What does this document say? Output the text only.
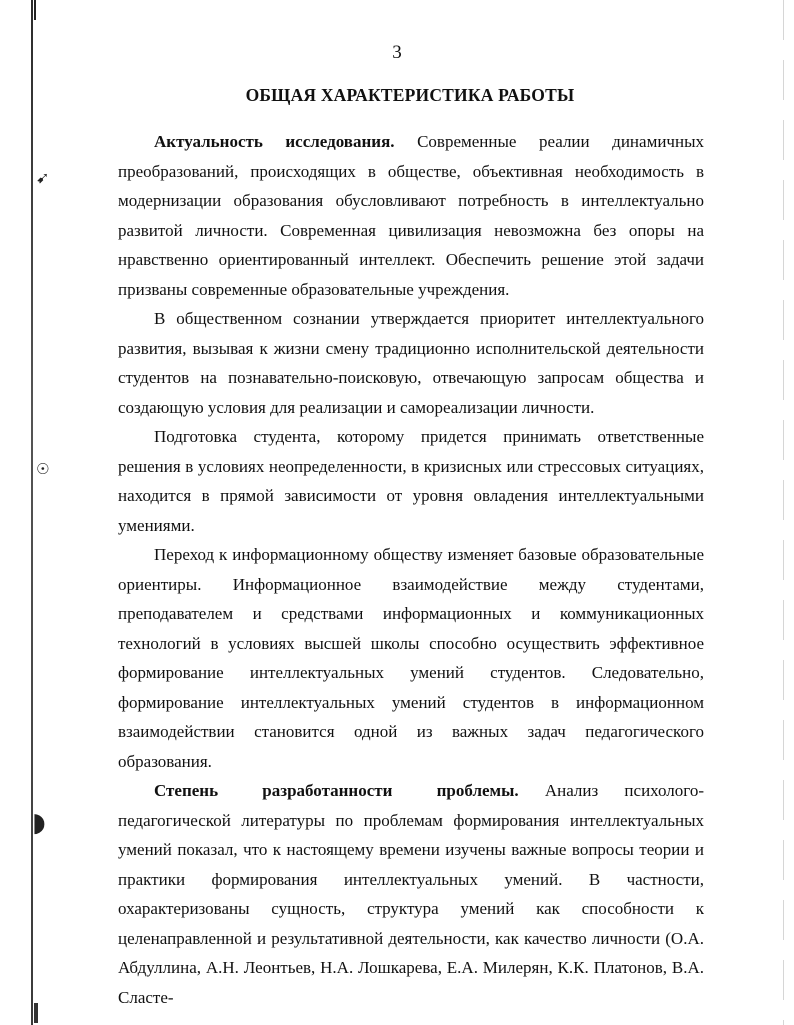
➹
☉
◗
3
ОБЩАЯ ХАРАКТЕРИСТИКА РАБОТЫ

Актуальность исследования. Современные реалии динамичных преобразований, происходящих в обществе, объективная необходимость в модернизации образования обусловливают потребность в интеллектуально развитой личности. Современная цивилизация невозможна без опоры на нравственно ориентированный интеллект. Обеспечить решение этой задачи призваны современные образовательные учреждения.

В общественном сознании утверждается приоритет интеллектуального развития, вызывая к жизни смену традиционно исполнительской деятельности студентов на познавательно-поисковую, отвечающую запросам общества и создающую условия для реализации и самореализации личности.

Подготовка студента, которому придется принимать ответственные решения в условиях неопределенности, в кризисных или стрессовых ситуациях, находится в прямой зависимости от уровня овладения интеллектуальными умениями.

Переход к информационному обществу изменяет базовые образовательные ориентиры. Информационное взаимодействие между студентами, преподавателем и средствами информационных и коммуникационных технологий в условиях высшей школы способно осуществить эффективное формирование интеллектуальных умений студентов. Следовательно, формирование интеллектуальных умений студентов в информационном взаимодействии становится одной из важных задач педагогического образования.

Степень разработанности проблемы. Анализ психолого-педагогической литературы по проблемам формирования интеллектуальных умений показал, что к настоящему времени изучены важные вопросы теории и практики формирования интеллектуальных умений. В частности, охарактеризованы сущность, структура умений как способности к целенаправленной и результативной деятельности, как качество личности (О.А. Абдуллина, А.Н. Леонтьев, Н.А. Лошкарева, Е.А. Милерян, К.К. Платонов, В.А. Сласте-
